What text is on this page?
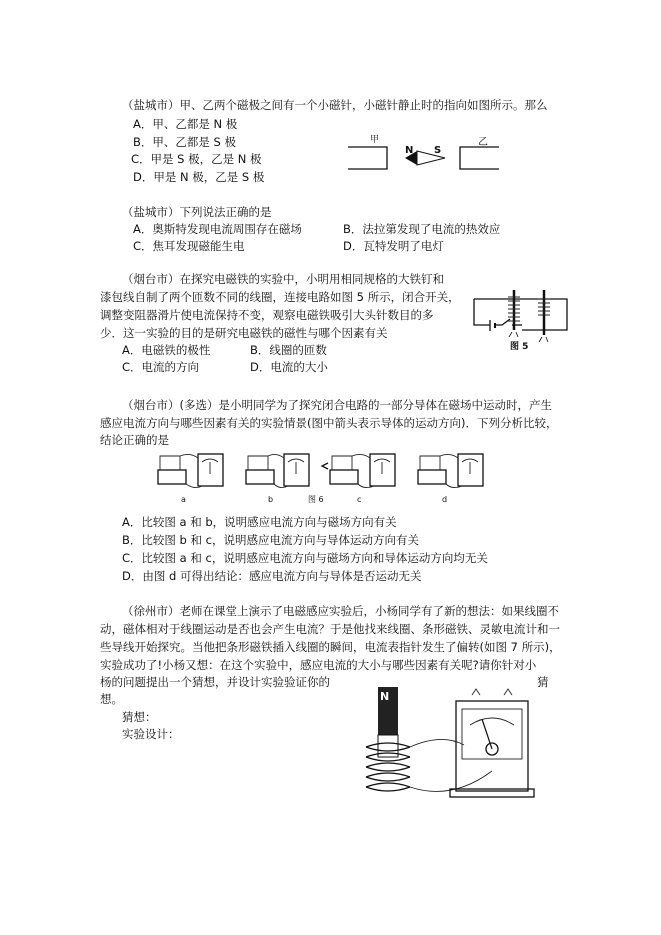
（盐城市）甲、乙两个磁极之间有一个小磁针，小磁针静止时的指向如图所示。那么
A．甲、乙都是 N 极
B．甲、乙都是 S 极
C．甲是 S 极，乙是 N 极
D．甲是 N 极，乙是 S 极
甲	乙
N S
（盐城市）下列说法正确的是
A．奥斯特发现电流周围存在磁场	B．法拉第发现了电流的热效应
C．焦耳发现磁能生电	D．瓦特发明了电灯
（烟台市）在探究电磁铁的实验中，小明用相同规格的大铁钉和
漆包线自制了两个匝数不同的线圈，连接电路如图 5 所示，闭合开关，
调整变阻器滑片使电流保持不变，观察电磁铁吸引大头针数目的多
少．这一实验的目的是研究电磁铁的磁性与哪个因素有关
A．电磁铁的极性	B．线圈的匝数
C．电流的方向	D．电流的大小
图 5
（烟台市）(多选）是小明同学为了探究闭合电路的一部分导体在磁场中运动时，产生
感应电流方向与哪些因素有关的实验情景(图中箭头表示导体的运动方向)．下列分析比较，
结论正确的是
a	b	c	d
图 6
A．比较图 a 和 b，说明感应电流方向与磁场方向有关
B．比较图 b 和 c，说明感应电流方向与导体运动方向有关
C．比较图 a 和 c，说明感应电流方向与磁场方向和导体运动方向均无关
D．由图 d 可得出结论：感应电流方向与导体是否运动无关
（徐州市）老师在课堂上演示了电磁感应实验后，小杨同学有了新的想法：如果线圈不
动，磁体相对于线圈运动是否也会产生电流？于是他找来线圈、条形磁铁、灵敏电流计和一
些导线开始探究。当他把条形磁铁插入线圈的瞬间，电流表指针发生了偏转(如图 7 所示)，
实验成功了!小杨又想：在这个实验中，感应电流的大小与哪些因素有关呢?请你针对小
杨的问题提出一个猜想，并设计实验验证你的	猜
想。
猜想：
实验设计：
N
